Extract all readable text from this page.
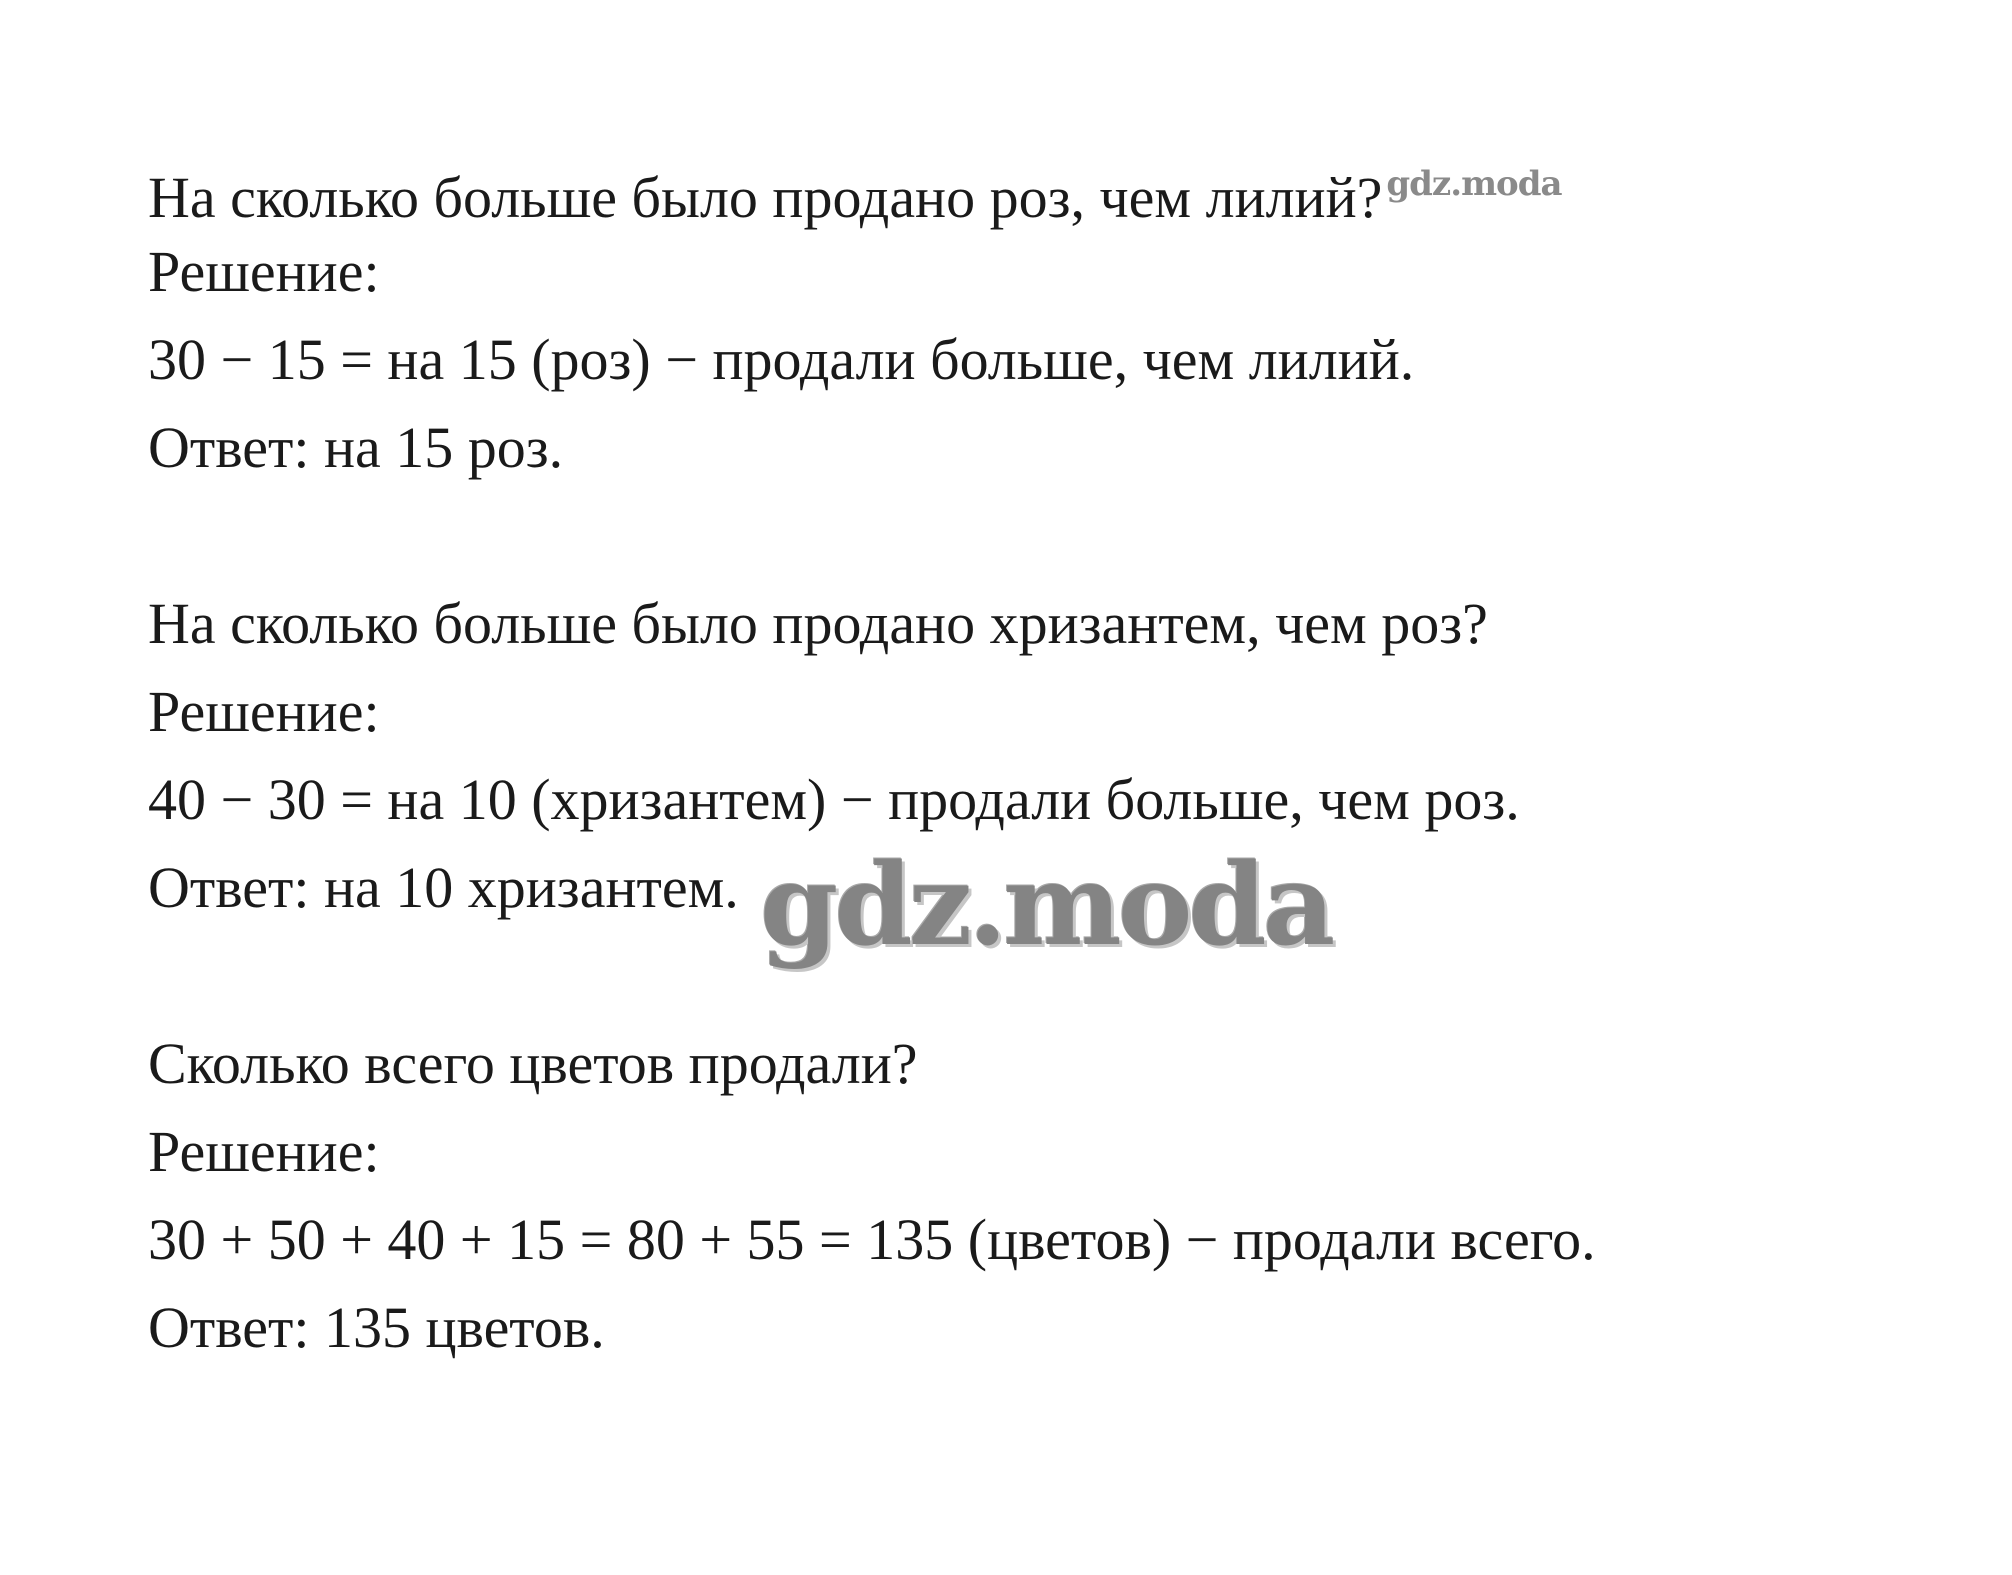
На сколько больше было продано роз, чем лилий? gdz.moda
Решение:
30 − 15 = на 15 (роз) − продали больше, чем лилий.
Ответ: на 15 роз.
На сколько больше было продано хризантем, чем роз?
Решение:
40 − 30 = на 10 (хризантем) − продали больше, чем роз.
Ответ: на 10 хризантем. gdz.moda
Сколько всего цветов продали?
Решение:
30 + 50 + 40 + 15 = 80 + 55 = 135 (цветов) − продали всего.
Ответ: 135 цветов.
